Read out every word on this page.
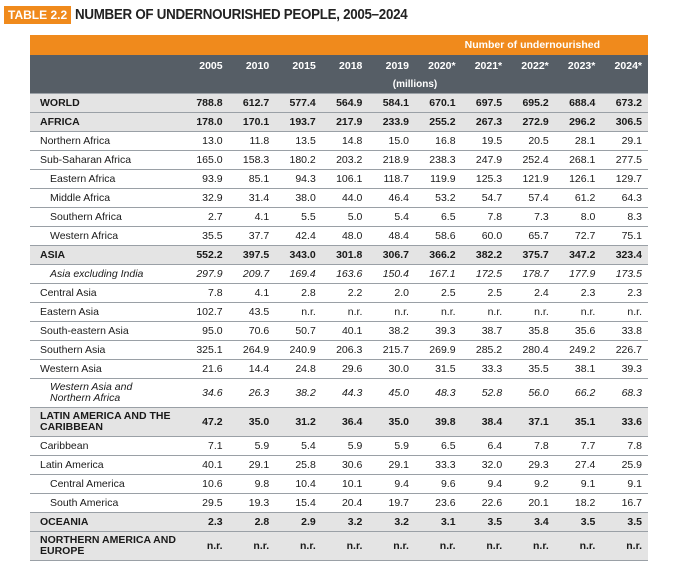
TABLE 2.2 NUMBER OF UNDERNOURISHED PEOPLE, 2005–2024
	Number of undernourished									
	2005	2010	2015	2018	2019	2020*	2021*	2022*	2023*	2024*
	(millions)									
WORLD	788.8	612.7	577.4	564.9	584.1	670.1	697.5	695.2	688.4	673.2
AFRICA	178.0	170.1	193.7	217.9	233.9	255.2	267.3	272.9	296.2	306.5
Northern Africa	13.0	11.8	13.5	14.8	15.0	16.8	19.5	20.5	28.1	29.1
Sub-Saharan Africa	165.0	158.3	180.2	203.2	218.9	238.3	247.9	252.4	268.1	277.5
Eastern Africa	93.9	85.1	94.3	106.1	118.7	119.9	125.3	121.9	126.1	129.7
Middle Africa	32.9	31.4	38.0	44.0	46.4	53.2	54.7	57.4	61.2	64.3
Southern Africa	2.7	4.1	5.5	5.0	5.4	6.5	7.8	7.3	8.0	8.3
Western Africa	35.5	37.7	42.4	48.0	48.4	58.6	60.0	65.7	72.7	75.1
ASIA	552.2	397.5	343.0	301.8	306.7	366.2	382.2	375.7	347.2	323.4
Asia excluding India	297.9	209.7	169.4	163.6	150.4	167.1	172.5	178.7	177.9	173.5
Central Asia	7.8	4.1	2.8	2.2	2.0	2.5	2.5	2.4	2.3	2.3
Eastern Asia	102.7	43.5	n.r.	n.r.	n.r.	n.r.	n.r.	n.r.	n.r.	n.r.
South-eastern Asia	95.0	70.6	50.7	40.1	38.2	39.3	38.7	35.8	35.6	33.8
Southern Asia	325.1	264.9	240.9	206.3	215.7	269.9	285.2	280.4	249.2	226.7
Western Asia	21.6	14.4	24.8	29.6	30.0	31.5	33.3	35.5	38.1	39.3
Western Asia and Northern Africa	34.6	26.3	38.2	44.3	45.0	48.3	52.8	56.0	66.2	68.3
LATIN AMERICA AND THE CARIBBEAN	47.2	35.0	31.2	36.4	35.0	39.8	38.4	37.1	35.1	33.6
Caribbean	7.1	5.9	5.4	5.9	5.9	6.5	6.4	7.8	7.7	7.8
Latin America	40.1	29.1	25.8	30.6	29.1	33.3	32.0	29.3	27.4	25.9
Central America	10.6	9.8	10.4	10.1	9.4	9.6	9.4	9.2	9.1	9.1
South America	29.5	19.3	15.4	20.4	19.7	23.6	22.6	20.1	18.2	16.7
OCEANIA	2.3	2.8	2.9	3.2	3.2	3.1	3.5	3.4	3.5	3.5
NORTHERN AMERICA AND EUROPE	n.r.	n.r.	n.r.	n.r.	n.r.	n.r.	n.r.	n.r.	n.r.	n.r.
